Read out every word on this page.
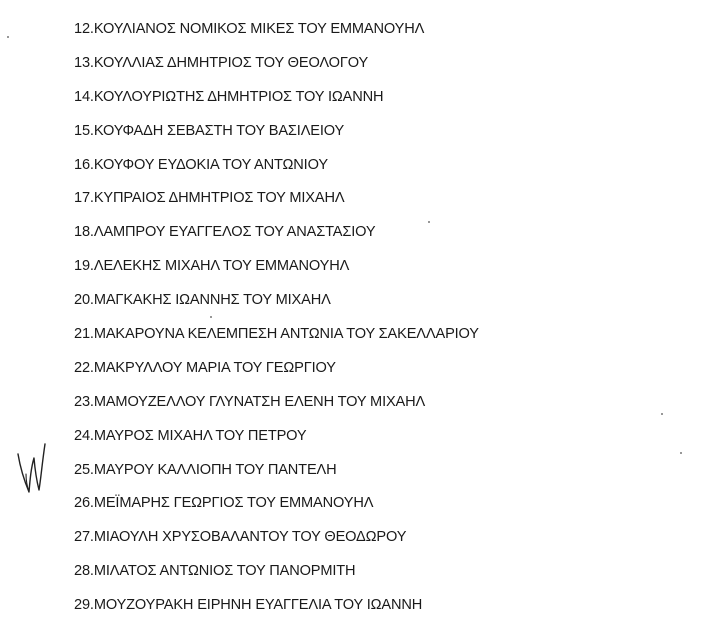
12. ΚΟΥΛΙΑΝΟΣ ΝΟΜΙΚΟΣ ΜΙΚΕΣ ΤΟΥ ΕΜΜΑΝΟΥΗΛ
13. ΚΟΥΛΛΙΑΣ ΔΗΜΗΤΡΙΟΣ ΤΟΥ ΘΕΟΛΟΓΟΥ
14. ΚΟΥΛΟΥΡΙΩΤΗΣ ΔΗΜΗΤΡΙΟΣ ΤΟΥ ΙΩΑΝΝΗ
15. ΚΟΥΦΑΔΗ ΣΕΒΑΣΤΗ ΤΟΥ ΒΑΣΙΛΕΙΟΥ
16. ΚΟΥΦΟΥ ΕΥΔΟΚΙΑ ΤΟΥ ΑΝΤΩΝΙΟΥ
17. ΚΥΠΡΑΙΟΣ ΔΗΜΗΤΡΙΟΣ ΤΟΥ ΜΙΧΑΗΛ
18. ΛΑΜΠΡΟΥ ΕΥΑΓΓΕΛΟΣ ΤΟΥ ΑΝΑΣΤΑΣΙΟΥ
19. ΛΕΛΕΚΗΣ ΜΙΧΑΗΛ ΤΟΥ ΕΜΜΑΝΟΥΗΛ
20. ΜΑΓΚΑΚΗΣ ΙΩΑΝΝΗΣ ΤΟΥ ΜΙΧΑΗΛ
21. ΜΑΚΑΡΟΥΝΑ ΚΕΛΕΜΠΕΣΗ ΑΝΤΩΝΙΑ ΤΟΥ ΣΑΚΕΛΛΑΡΙΟΥ
22. ΜΑΚΡΥΛΛΟΥ ΜΑΡΙΑ ΤΟΥ ΓΕΩΡΓΙΟΥ
23. ΜΑΜΟΥΖΕΛΛΟΥ ΓΛΥΝΑΤΣΗ ΕΛΕΝΗ ΤΟΥ ΜΙΧΑΗΛ
24. ΜΑΥΡΟΣ ΜΙΧΑΗΛ ΤΟΥ ΠΕΤΡΟΥ
25. ΜΑΥΡΟΥ ΚΑΛΛΙΟΠΗ ΤΟΥ ΠΑΝΤΕΛΗ
26. ΜΕΪΜΑΡΗΣ ΓΕΩΡΓΙΟΣ ΤΟΥ ΕΜΜΑΝΟΥΗΛ
27. ΜΙΑΟΥΛΗ ΧΡΥΣΟΒΑΛΑΝΤΟΥ ΤΟΥ ΘΕΟΔΩΡΟΥ
28. ΜΙΛΑΤΟΣ ΑΝΤΩΝΙΟΣ ΤΟΥ ΠΑΝΟΡΜΙΤΗ
29. ΜΟΥΖΟΥΡΑΚΗ ΕΙΡΗΝΗ ΕΥΑΓΓΕΛΙΑ ΤΟΥ ΙΩΑΝΝΗ
